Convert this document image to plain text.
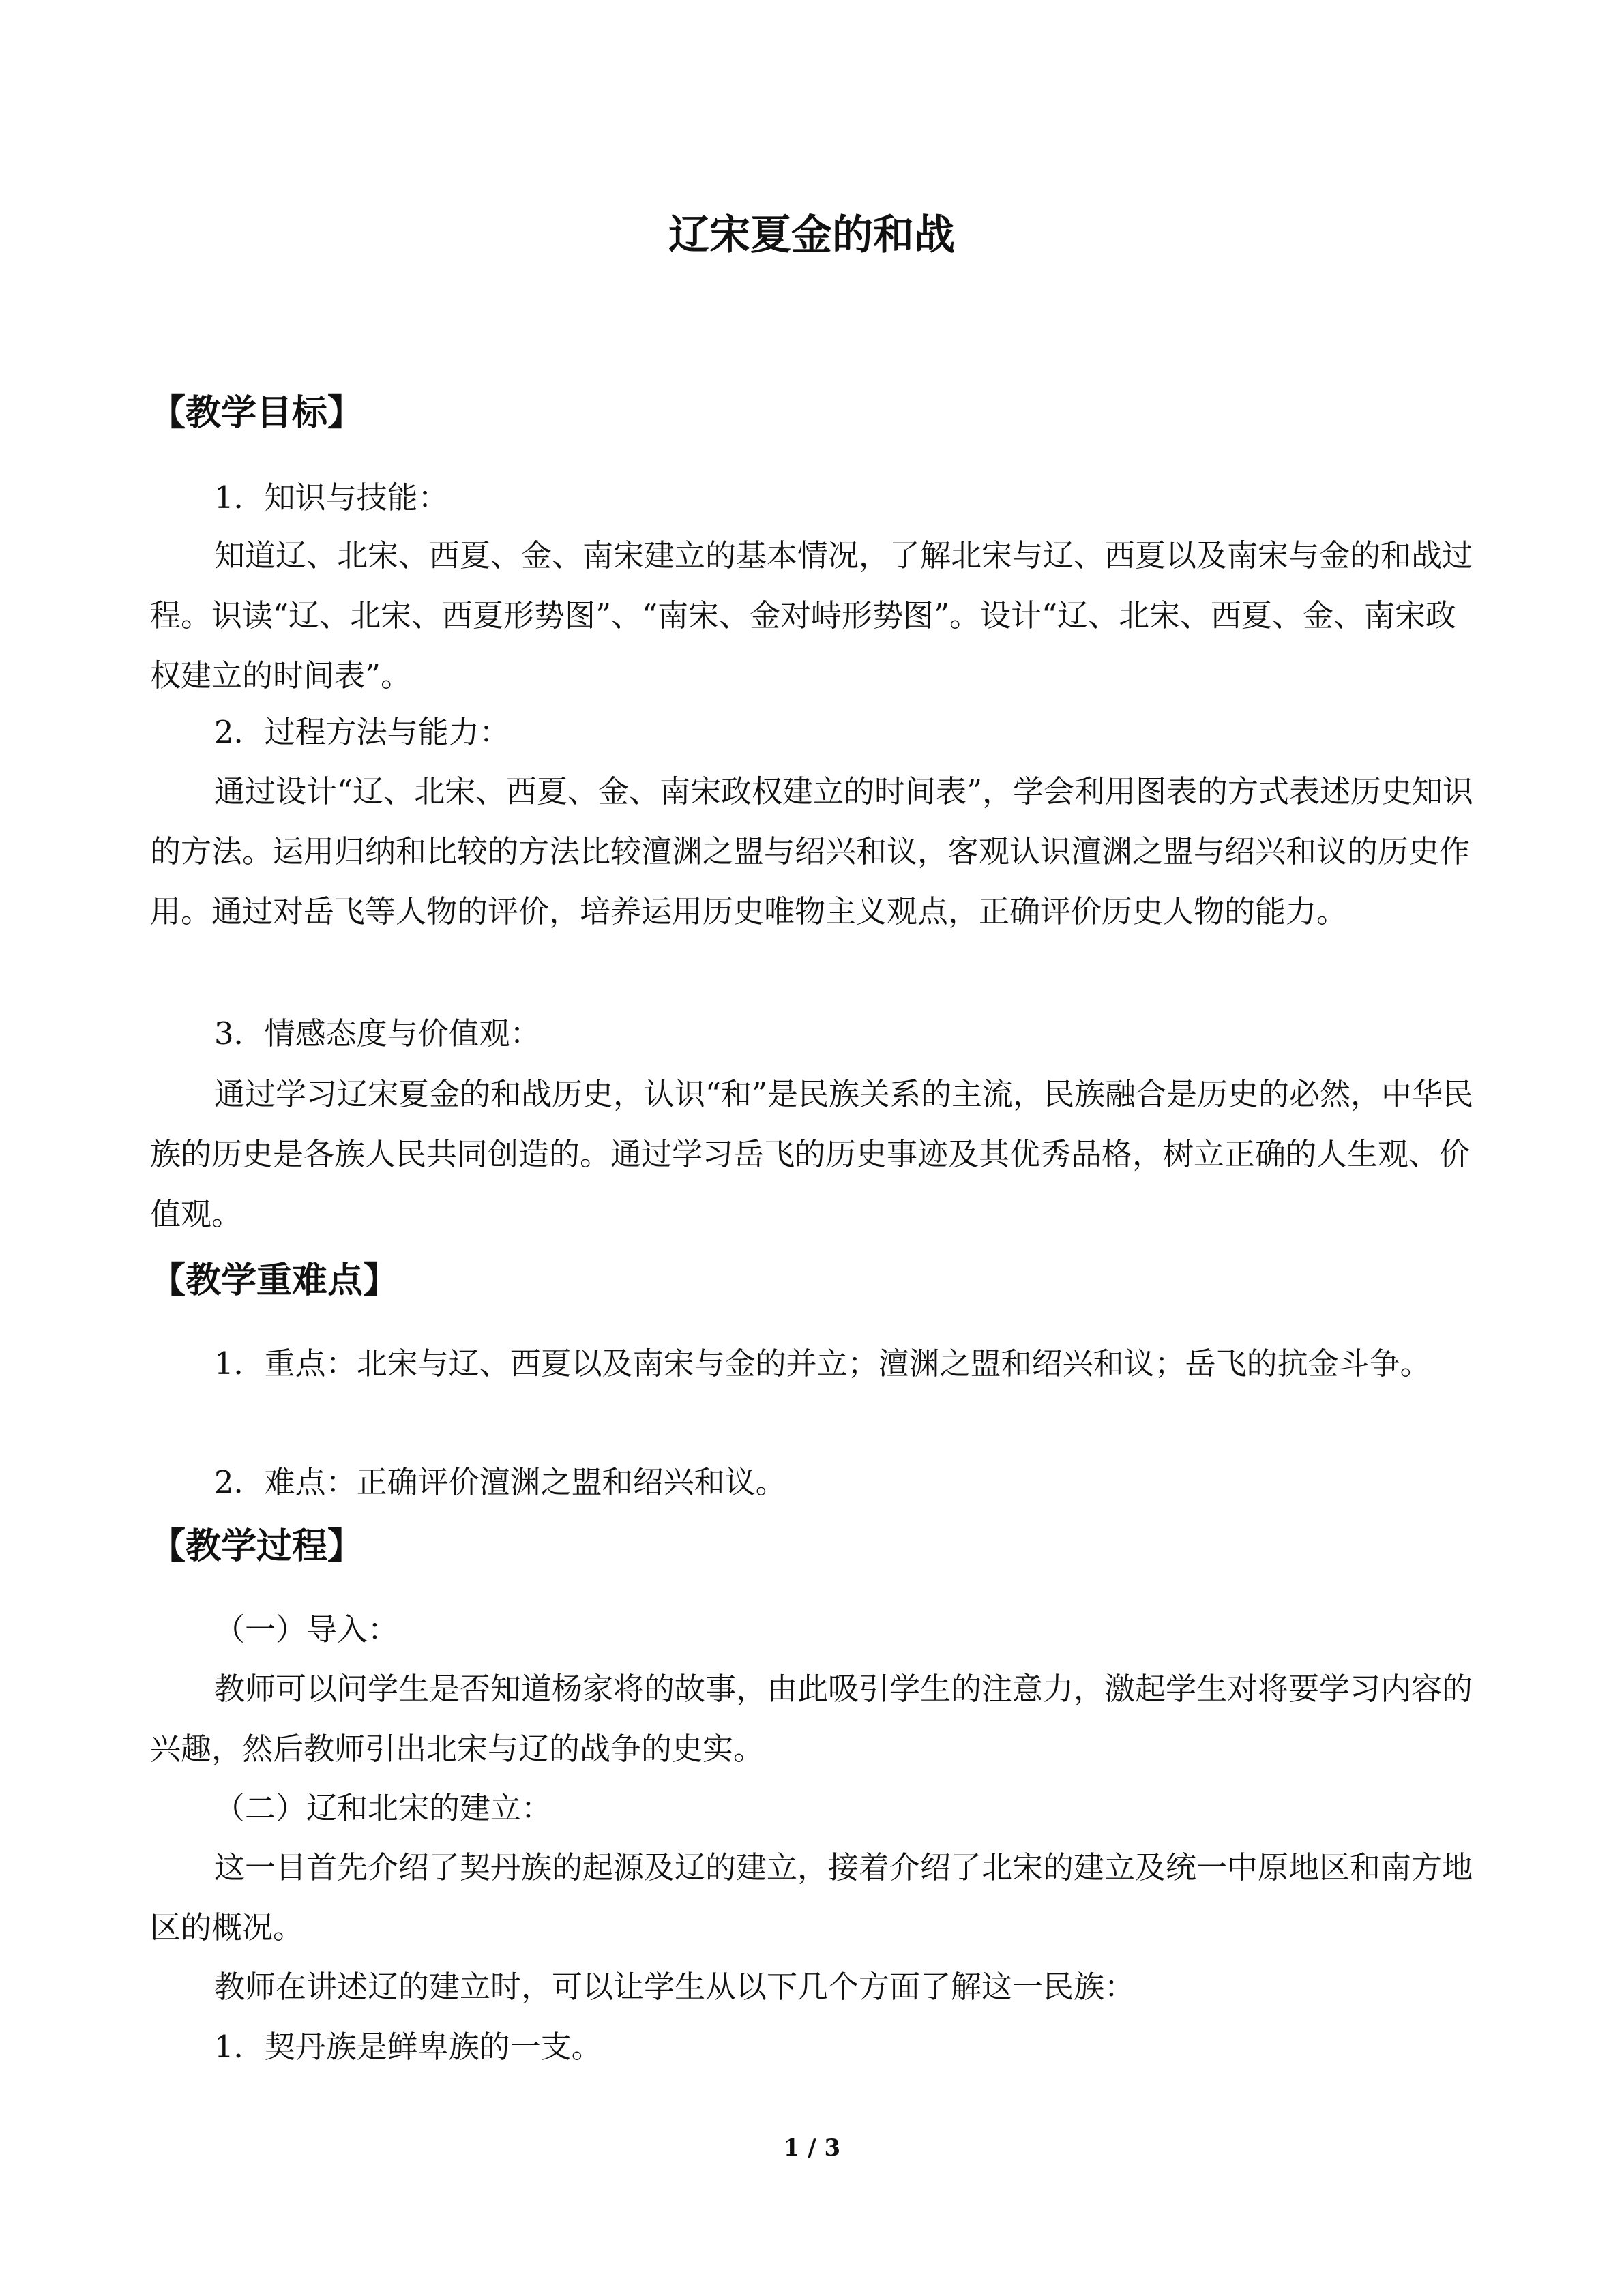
辽宋夏金的和战
【教学目标】

1．知识与技能：

知道辽、北宋、西夏、金、南宋建立的基本情况，了解北宋与辽、西夏以及南宋与金的和战过程。识读“辽、北宋、西夏形势图”、“南宋、金对峙形势图”。设计“辽、北宋、西夏、金、南宋政权建立的时间表”。

2．过程方法与能力：

通过设计“辽、北宋、西夏、金、南宋政权建立的时间表”，学会利用图表的方式表述历史知识的方法。运用归纳和比较的方法比较澶渊之盟与绍兴和议，客观认识澶渊之盟与绍兴和议的历史作用。通过对岳飞等人物的评价，培养运用历史唯物主义观点，正确评价历史人物的能力。

3．情感态度与价值观：

通过学习辽宋夏金的和战历史，认识“和”是民族关系的主流，民族融合是历史的必然，中华民族的历史是各族人民共同创造的。通过学习岳飞的历史事迹及其优秀品格，树立正确的人生观、价值观。

【教学重难点】

1．重点：北宋与辽、西夏以及南宋与金的并立；澶渊之盟和绍兴和议；岳飞的抗金斗争。

2．难点：正确评价澶渊之盟和绍兴和议。

【教学过程】

（一）导入：

教师可以问学生是否知道杨家将的故事，由此吸引学生的注意力，激起学生对将要学习内容的兴趣，然后教师引出北宋与辽的战争的史实。

（二）辽和北宋的建立：

这一目首先介绍了契丹族的起源及辽的建立，接着介绍了北宋的建立及统一中原地区和南方地区的概况。

教师在讲述辽的建立时，可以让学生从以下几个方面了解这一民族：

1．契丹族是鲜卑族的一支。

1 / 3
